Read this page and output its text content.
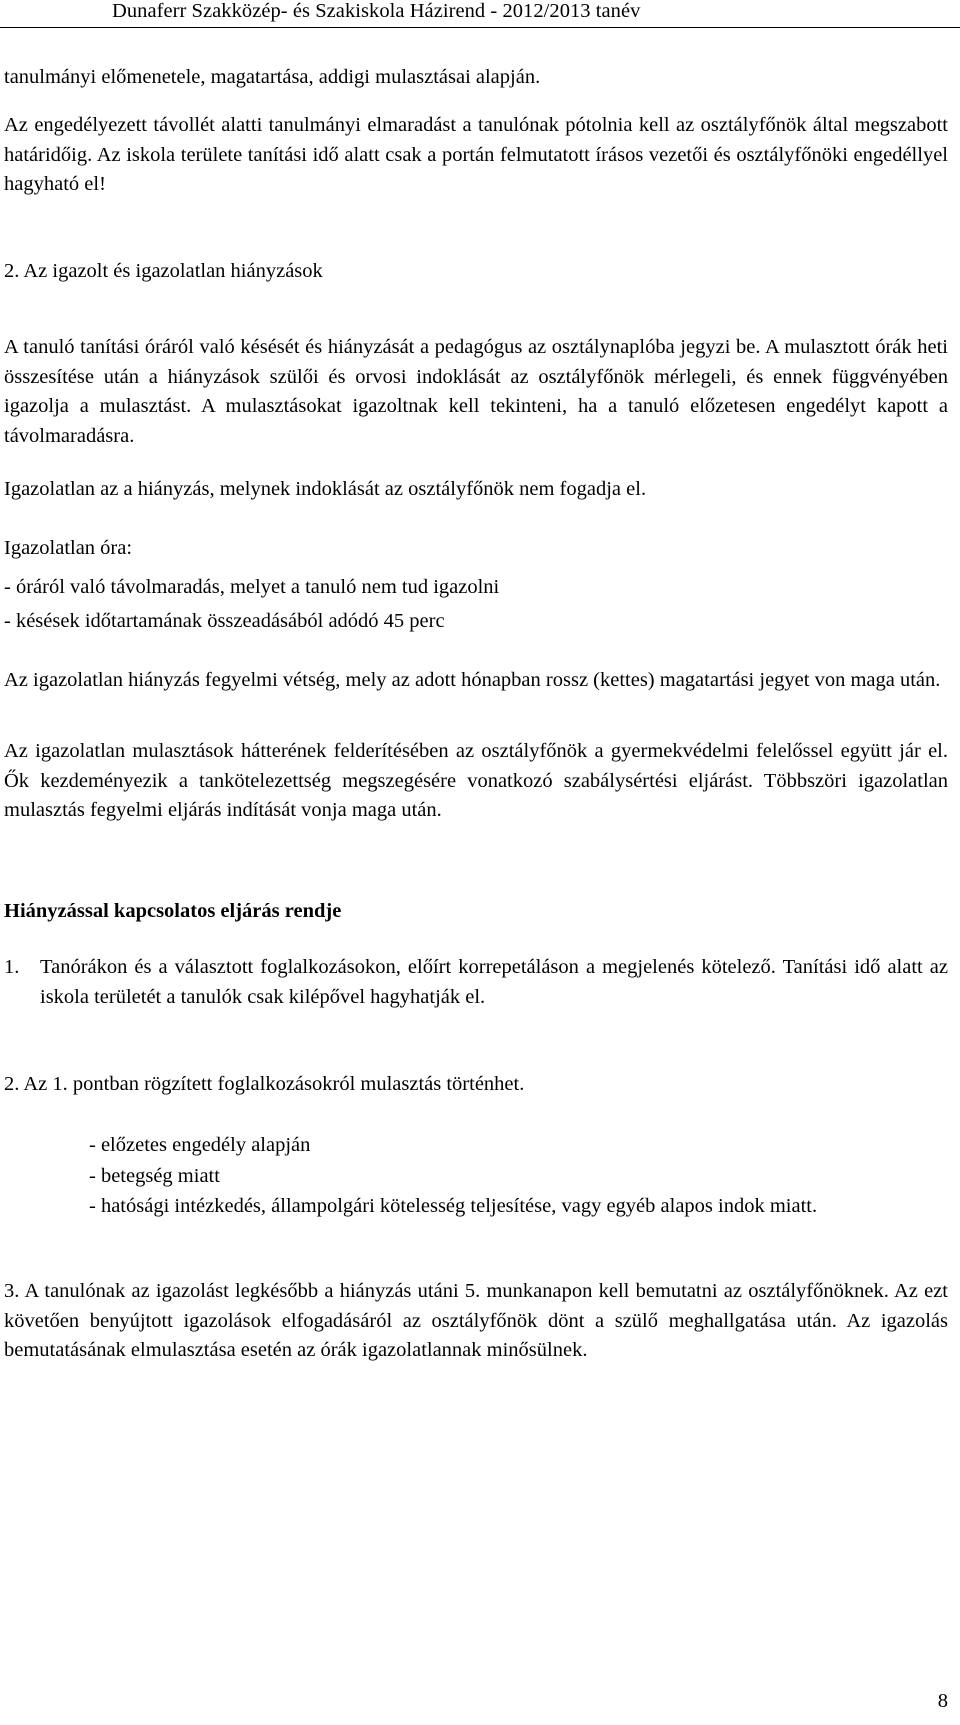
Dunaferr Szakközép- és Szakiskola Házirend - 2012/2013 tanév
tanulmányi előmenetele, magatartása, addigi mulasztásai alapján.
Az engedélyezett távollét alatti tanulmányi elmaradást a tanulónak pótolnia kell az osztályfőnök által megszabott határidőig. Az iskola területe tanítási idő alatt csak a portán felmutatott írásos vezetői és osztályfőnöki engedéllyel hagyható el!
2. Az igazolt és igazolatlan hiányzások
A tanuló tanítási óráról való késését és hiányzását a pedagógus az osztálynaplóba jegyzi be. A mulasztott órák heti összesítése után a hiányzások szülői és orvosi indoklását az osztályfőnök mérlegeli, és ennek függvényében igazolja a mulasztást. A mulasztásokat igazoltnak kell tekinteni, ha a tanuló előzetesen engedélyt kapott a távolmaradásra.
Igazolatlan az a hiányzás, melynek indoklását az osztályfőnök nem fogadja el.
Igazolatlan óra:
- óráról való távolmaradás, melyet a tanuló nem tud igazolni
- késések időtartamának összeadásából adódó 45 perc
Az igazolatlan hiányzás fegyelmi vétség, mely az adott hónapban rossz (kettes) magatartási jegyet von maga után.
Az igazolatlan mulasztások hátterének felderítésében az osztályfőnök a gyermekvédelmi felelőssel együtt jár el. Ők kezdeményezik a tankötelezettség megszegésére vonatkozó szabálysértési eljárást. Többszöri igazolatlan mulasztás fegyelmi eljárás indítását vonja maga után.
Hiányzással kapcsolatos eljárás rendje
1.	Tanórákon és a választott foglalkozásokon, előírt korrepetáláson a megjelenés kötelező. Tanítási idő alatt az iskola területét a tanulók csak kilépővel hagyhatják el.
2. Az 1. pontban rögzített foglalkozásokról mulasztás történhet.
- előzetes engedély alapján
- betegség miatt
- hatósági intézkedés, állampolgári kötelesség teljesítése, vagy egyéb alapos indok miatt.
3. A tanulónak az igazolást legkésőbb a hiányzás utáni 5. munkanapon kell bemutatni az osztályfőnöknek. Az ezt követően benyújtott igazolások elfogadásáról az osztályfőnök dönt a szülő meghallgatása után. Az igazolás bemutatásának elmulasztása esetén az órák igazolatlannak minősülnek.
8
